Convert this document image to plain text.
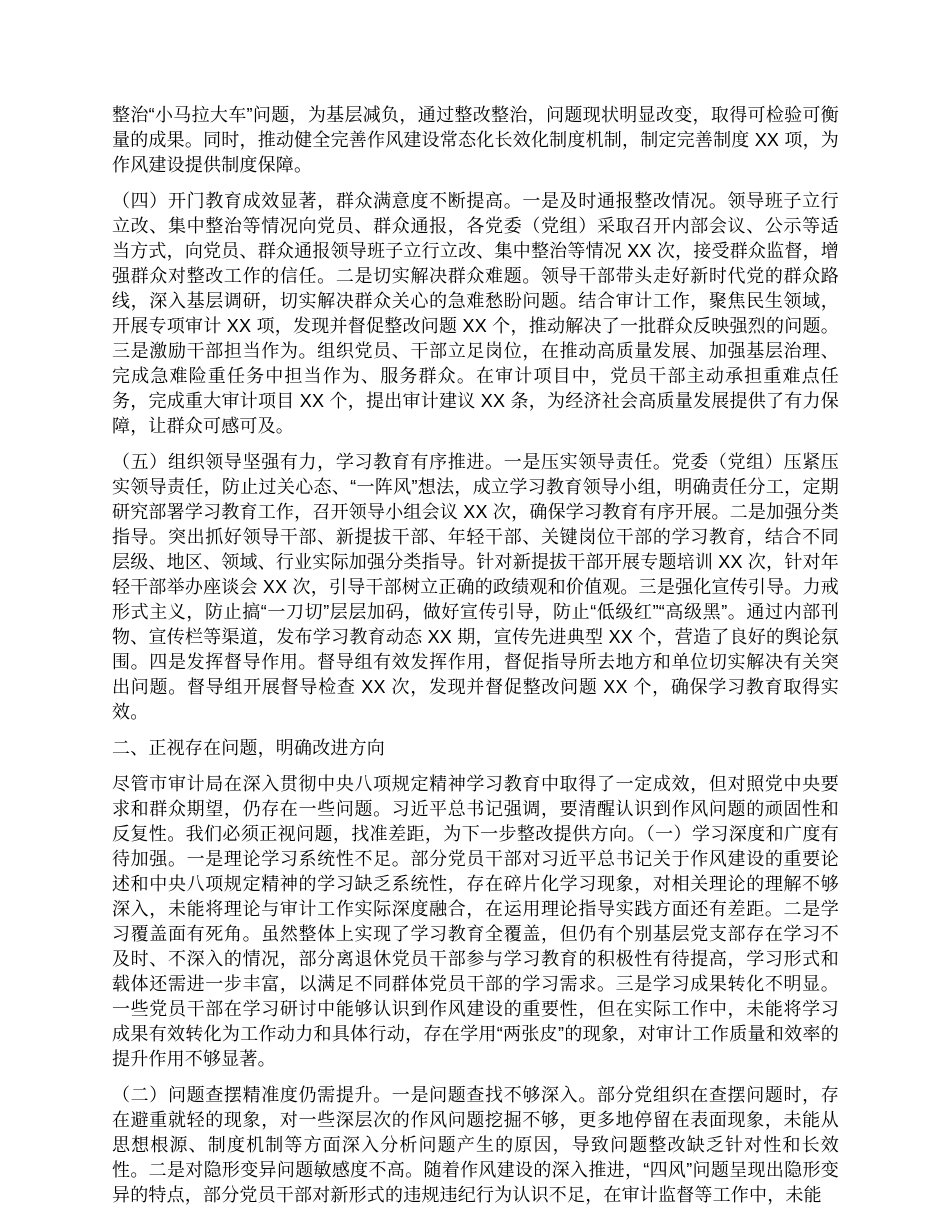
整治“小马拉大车”问题，为基层减负，通过整改整治，问题现状明显改变，取得可检验可衡量的成果。同时，推动健全完善作风建设常态化长效化制度机制，制定完善制度 XX 项，为作风建设提供制度保障。

（四）开门教育成效显著，群众满意度不断提高。一是及时通报整改情况。领导班子立行立改、集中整治等情况向党员、群众通报，各党委（党组）采取召开内部会议、公示等适当方式，向党员、群众通报领导班子立行立改、集中整治等情况 XX 次，接受群众监督，增强群众对整改工作的信任。二是切实解决群众难题。领导干部带头走好新时代党的群众路线，深入基层调研，切实解决群众关心的急难愁盼问题。结合审计工作，聚焦民生领域，开展专项审计 XX 项，发现并督促整改问题 XX 个，推动解决了一批群众反映强烈的问题。三是激励干部担当作为。组织党员、干部立足岗位，在推动高质量发展、加强基层治理、完成急难险重任务中担当作为、服务群众。在审计项目中，党员干部主动承担重难点任务，完成重大审计项目 XX 个，提出审计建议 XX 条，为经济社会高质量发展提供了有力保障，让群众可感可及。

（五）组织领导坚强有力，学习教育有序推进。一是压实领导责任。党委（党组）压紧压实领导责任，防止过关心态、“一阵风”想法，成立学习教育领导小组，明确责任分工，定期研究部署学习教育工作，召开领导小组会议 XX 次，确保学习教育有序开展。二是加强分类指导。突出抓好领导干部、新提拔干部、年轻干部、关键岗位干部的学习教育，结合不同层级、地区、领域、行业实际加强分类指导。针对新提拔干部开展专题培训 XX 次，针对年轻干部举办座谈会 XX 次，引导干部树立正确的政绩观和价值观。三是强化宣传引导。力戒形式主义，防止搞“一刀切”层层加码，做好宣传引导，防止“低级红”“高级黑”。通过内部刊物、宣传栏等渠道，发布学习教育动态 XX 期，宣传先进典型 XX 个，营造了良好的舆论氛围。四是发挥督导作用。督导组有效发挥作用，督促指导所去地方和单位切实解决有关突出问题。督导组开展督导检查 XX 次，发现并督促整改问题 XX 个，确保学习教育取得实效。

二、正视存在问题，明确改进方向

尽管市审计局在深入贯彻中央八项规定精神学习教育中取得了一定成效，但对照党中央要求和群众期望，仍存在一些问题。习近平总书记强调，要清醒认识到作风问题的顽固性和反复性。我们必须正视问题，找准差距，为下一步整改提供方向。（一）学习深度和广度有待加强。一是理论学习系统性不足。部分党员干部对习近平总书记关于作风建设的重要论述和中央八项规定精神的学习缺乏系统性，存在碎片化学习现象，对相关理论的理解不够深入，未能将理论与审计工作实际深度融合，在运用理论指导实践方面还有差距。二是学习覆盖面有死角。虽然整体上实现了学习教育全覆盖，但仍有个别基层党支部存在学习不及时、不深入的情况，部分离退休党员干部参与学习教育的积极性有待提高，学习形式和载体还需进一步丰富，以满足不同群体党员干部的学习需求。三是学习成果转化不明显。一些党员干部在学习研讨中能够认识到作风建设的重要性，但在实际工作中，未能将学习成果有效转化为工作动力和具体行动，存在学用“两张皮”的现象，对审计工作质量和效率的提升作用不够显著。

（二）问题查摆精准度仍需提升。一是问题查找不够深入。部分党组织在查摆问题时，存在避重就轻的现象，对一些深层次的作风问题挖掘不够，更多地停留在表面现象，未能从思想根源、制度机制等方面深入分析问题产生的原因，导致问题整改缺乏针对性和长效性。二是对隐形变异问题敏感度不高。随着作风建设的深入推进，“四风”问题呈现出隐形变异的特点，部分党员干部对新形式的违规违纪行为认识不足，在审计监督等工作中，未能
